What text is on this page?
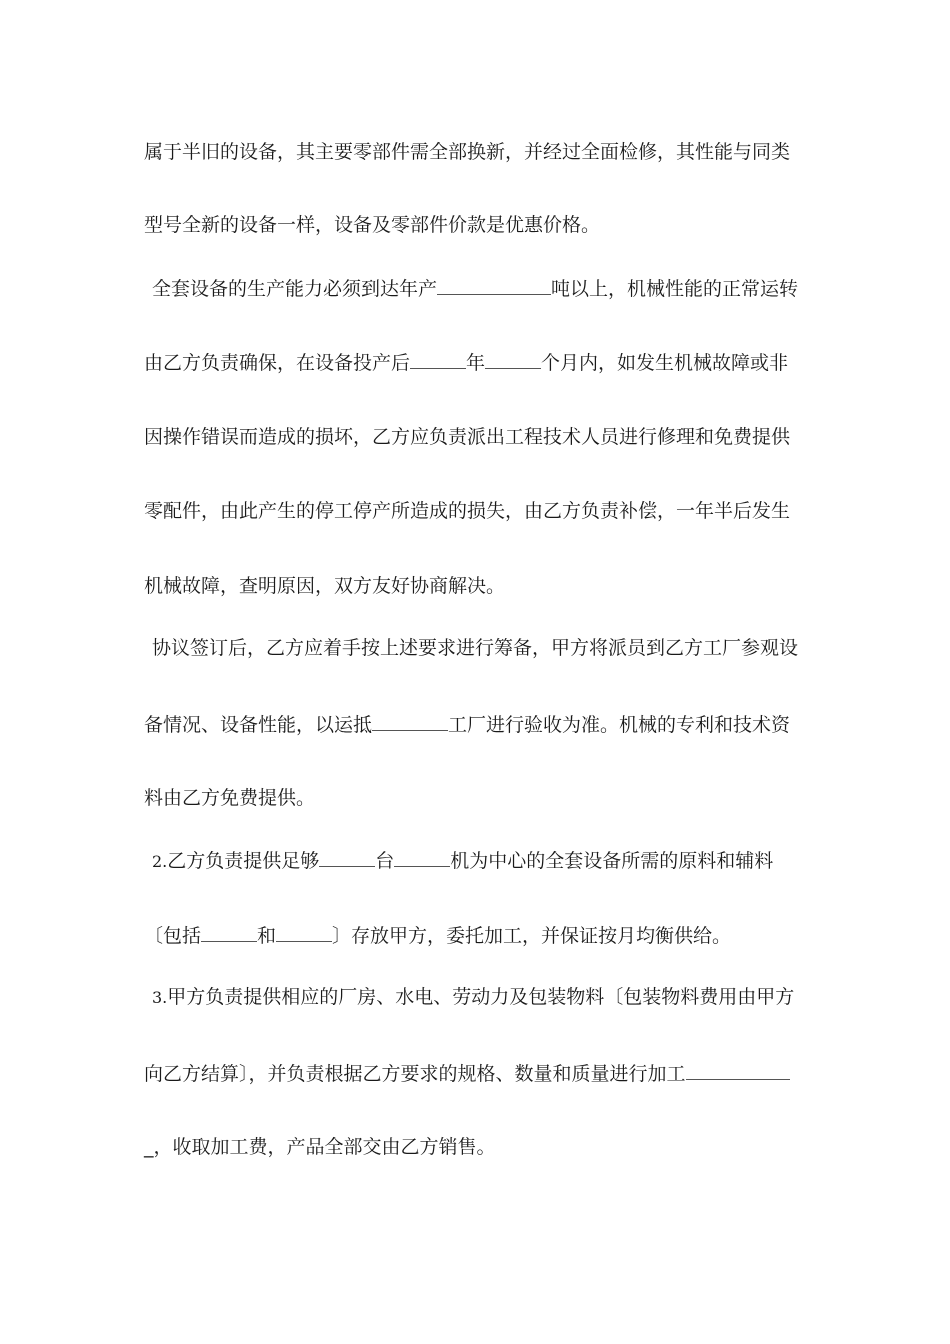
属于半旧的设备，其主要零部件需全部换新，并经过全面检修，其性能与同类
型号全新的设备一样，设备及零部件价款是优惠价格。
全套设备的生产能力必须到达年产	吨以上，机械性能的正常运转
由乙方负责确保，在设备投产后	年	个月内，如发生机械故障或非
因操作错误而造成的损坏，乙方应负责派出工程技术人员进行修理和免费提供
零配件，由此产生的停工停产所造成的损失，由乙方负责补偿，一年半后发生
机械故障，查明原因，双方友好协商解决。
协议签订后，乙方应着手按上述要求进行筹备，甲方将派员到乙方工厂参观设
备情况、设备性能，以运抵	工厂进行验收为准。机械的专利和技术资
料由乙方免费提供。
2.乙方负责提供足够	台	机为中心的全套设备所需的原料和辅料
〔包括	和	〕存放甲方，委托加工，并保证按月均衡供给。
3.甲方负责提供相应的厂房、水电、劳动力及包装物料〔包装物料费用由甲方
向乙方结算〕，并负责根据乙方要求的规格、数量和质量进行加工
_，收取加工费，产品全部交由乙方销售。
